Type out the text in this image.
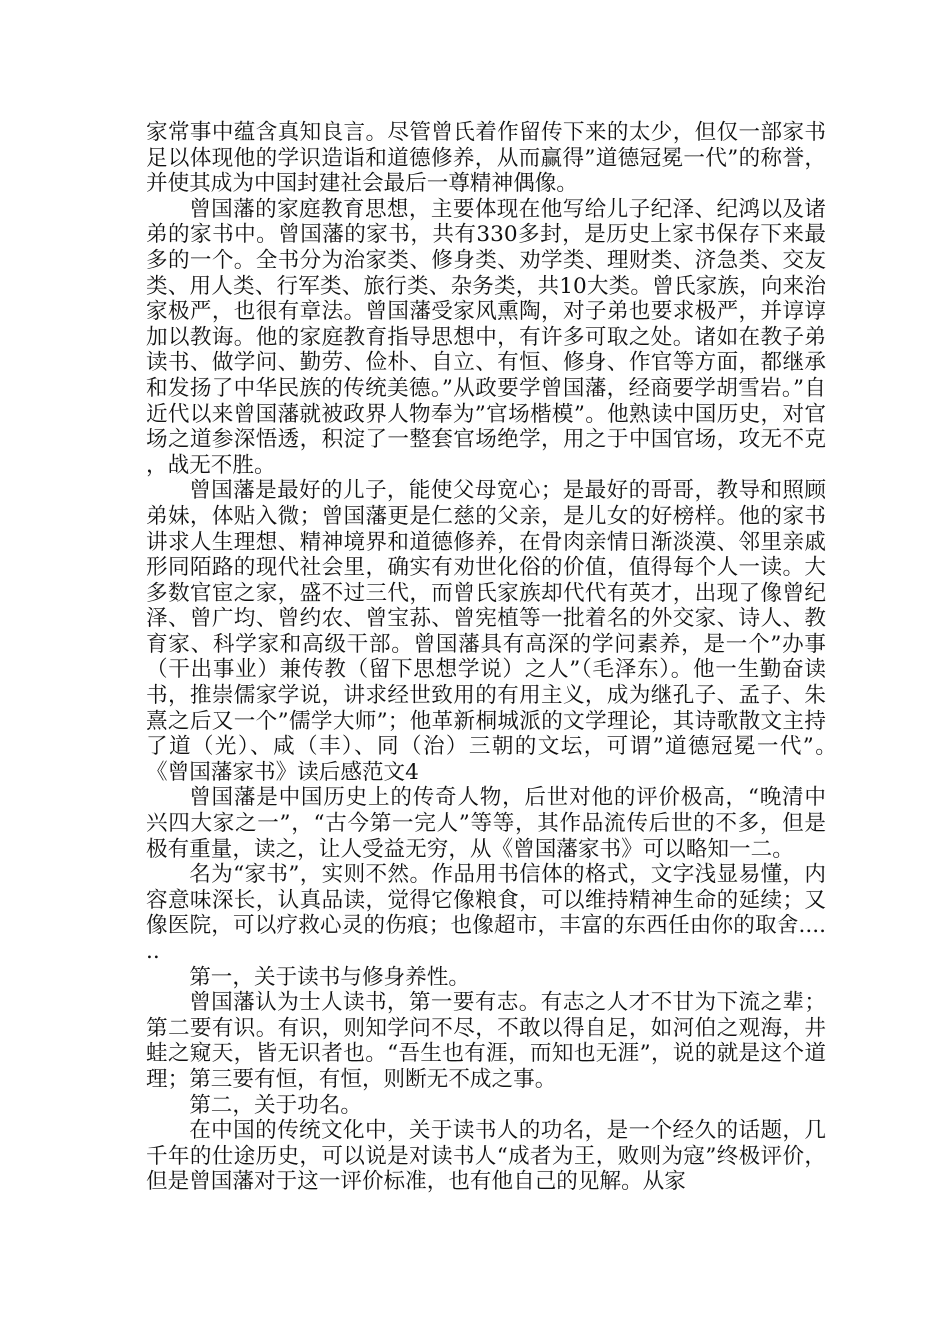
家常事中蕴含真知良言。尽管曾氏着作留传下来的太少，但仅一部家书足以体现他的学识造诣和道德修养，从而赢得”道德冠冕一代”的称誉，并使其成为中国封建社会最后一尊精神偶像。

曾国藩的家庭教育思想，主要体现在他写给儿子纪泽、纪鸿以及诸弟的家书中。曾国藩的家书，共有330多封，是历史上家书保存下来最多的一个。全书分为治家类、修身类、劝学类、理财类、济急类、交友类、用人类、行军类、旅行类、杂务类，共10大类。曾氏家族，向来治家极严，也很有章法。曾国藩受家风熏陶，对子弟也要求极严，并谆谆加以教诲。他的家庭教育指导思想中，有许多可取之处。诸如在教子弟读书、做学问、勤劳、俭朴、自立、有恒、修身、作官等方面，都继承和发扬了中华民族的传统美德。”从政要学曾国藩，经商要学胡雪岩。”自近代以来曾国藩就被政界人物奉为”官场楷模”。他熟读中国历史，对官场之道参深悟透，积淀了一整套官场绝学，用之于中国官场，攻无不克，战无不胜。

曾国藩是最好的儿子，能使父母宽心；是最好的哥哥，教导和照顾弟妹，体贴入微；曾国藩更是仁慈的父亲，是儿女的好榜样。他的家书讲求人生理想、精神境界和道德修养，在骨肉亲情日渐淡漠、邻里亲戚形同陌路的现代社会里，确实有劝世化俗的价值，值得每个人一读。大多数官宦之家，盛不过三代，而曾氏家族却代代有英才，出现了像曾纪泽、曾广均、曾约农、曾宝荪、曾宪植等一批着名的外交家、诗人、教育家、科学家和高级干部。曾国藩具有高深的学问素养，是一个”办事（干出事业）兼传教（留下思想学说）之人”（毛泽东）。他一生勤奋读书，推崇儒家学说，讲求经世致用的有用主义，成为继孔子、孟子、朱熹之后又一个”儒学大师”；他革新桐城派的文学理论，其诗歌散文主持了道（光）、咸（丰）、同（治）三朝的文坛，可谓”道德冠冕一代”。　　《曾国藩家书》读后感范文4

曾国藩是中国历史上的传奇人物，后世对他的评价极高，“晚清中兴四大家之一”，“古今第一完人”等等，其作品流传后世的不多，但是极有重量，读之，让人受益无穷，从《曾国藩家书》可以略知一二。

名为“家书”，实则不然。作品用书信体的格式，文字浅显易懂，内容意味深长，认真品读，觉得它像粮食，可以维持精神生命的延续；又像医院，可以疗救心灵的伤痕；也像超市，丰富的东西任由你的取舍......

第一，关于读书与修身养性。

曾国藩认为士人读书，第一要有志。有志之人才不甘为下流之辈；第二要有识。有识，则知学问不尽，不敢以得自足，如河伯之观海，井蛙之窥天，皆无识者也。“吾生也有涯，而知也无涯”，说的就是这个道理；第三要有恒，有恒，则断无不成之事。

第二，关于功名。

在中国的传统文化中，关于读书人的功名，是一个经久的话题，几千年的仕途历史，可以说是对读书人“成者为王，败则为寇”终极评价，但是曾国藩对于这一评价标准，也有他自己的见解。从家
